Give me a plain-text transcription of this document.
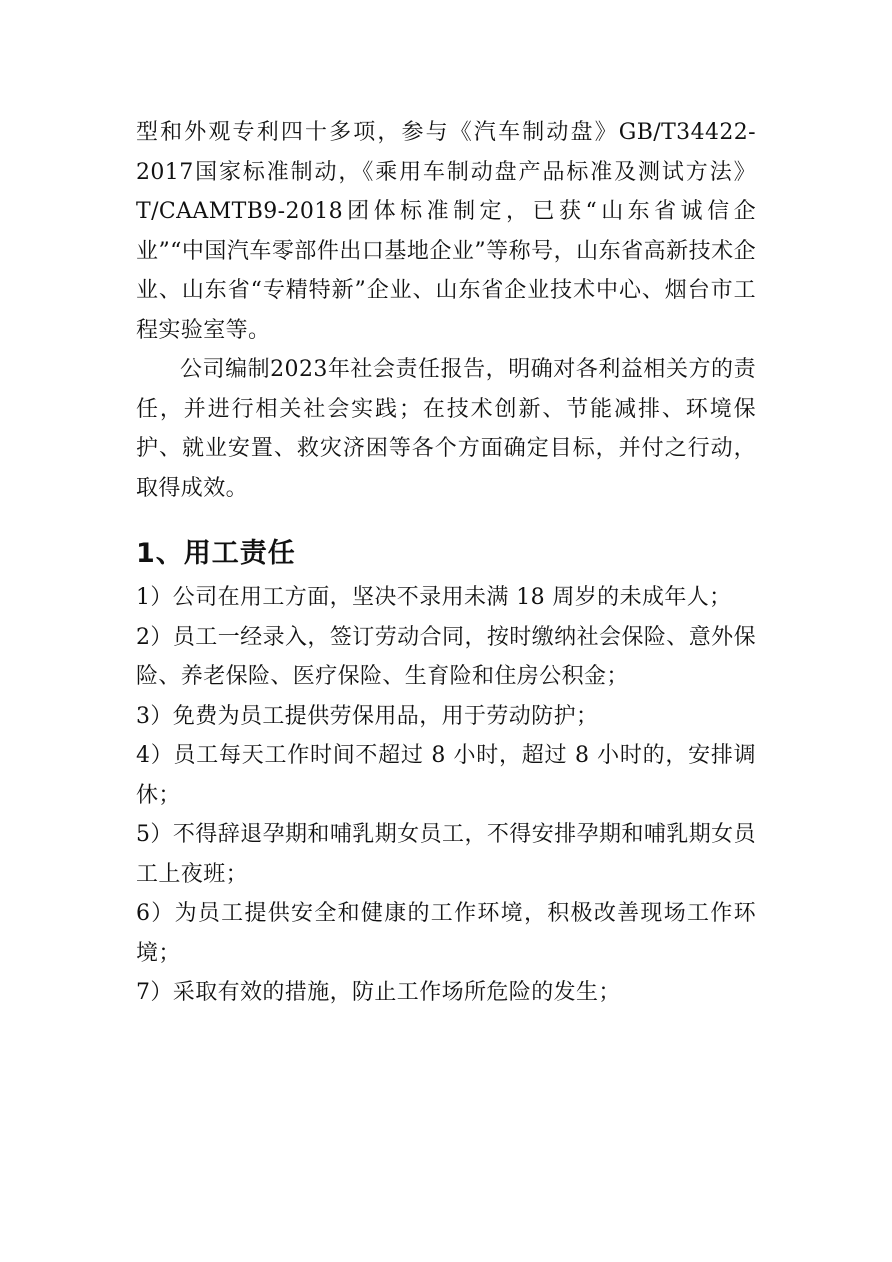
型和外观专利四十多项，参与《汽车制动盘》GB/T34422-2017国家标准制动，《乘用车制动盘产品标准及测试方法》T/CAAMTB9-2018团体标准制定，已获“山东省诚信企业”“中国汽车零部件出口基地企业”等称号，山东省高新技术企业、山东省“专精特新”企业、山东省企业技术中心、烟台市工程实验室等。

公司编制2023年社会责任报告，明确对各利益相关方的责任，并进行相关社会实践；在技术创新、节能减排、环境保护、就业安置、救灾济困等各个方面确定目标，并付之行动，取得成效。

1、用工责任
1）公司在用工方面，坚决不录用未满 18 周岁的未成年人；
2）员工一经录入，签订劳动合同，按时缴纳社会保险、意外保险、养老保险、医疗保险、生育险和住房公积金；
3）免费为员工提供劳保用品，用于劳动防护；
4）员工每天工作时间不超过 8 小时，超过 8 小时的，安排调休；
5）不得辞退孕期和哺乳期女员工，不得安排孕期和哺乳期女员工上夜班；
6）为员工提供安全和健康的工作环境，积极改善现场工作环境；
7）采取有效的措施，防止工作场所危险的发生；
